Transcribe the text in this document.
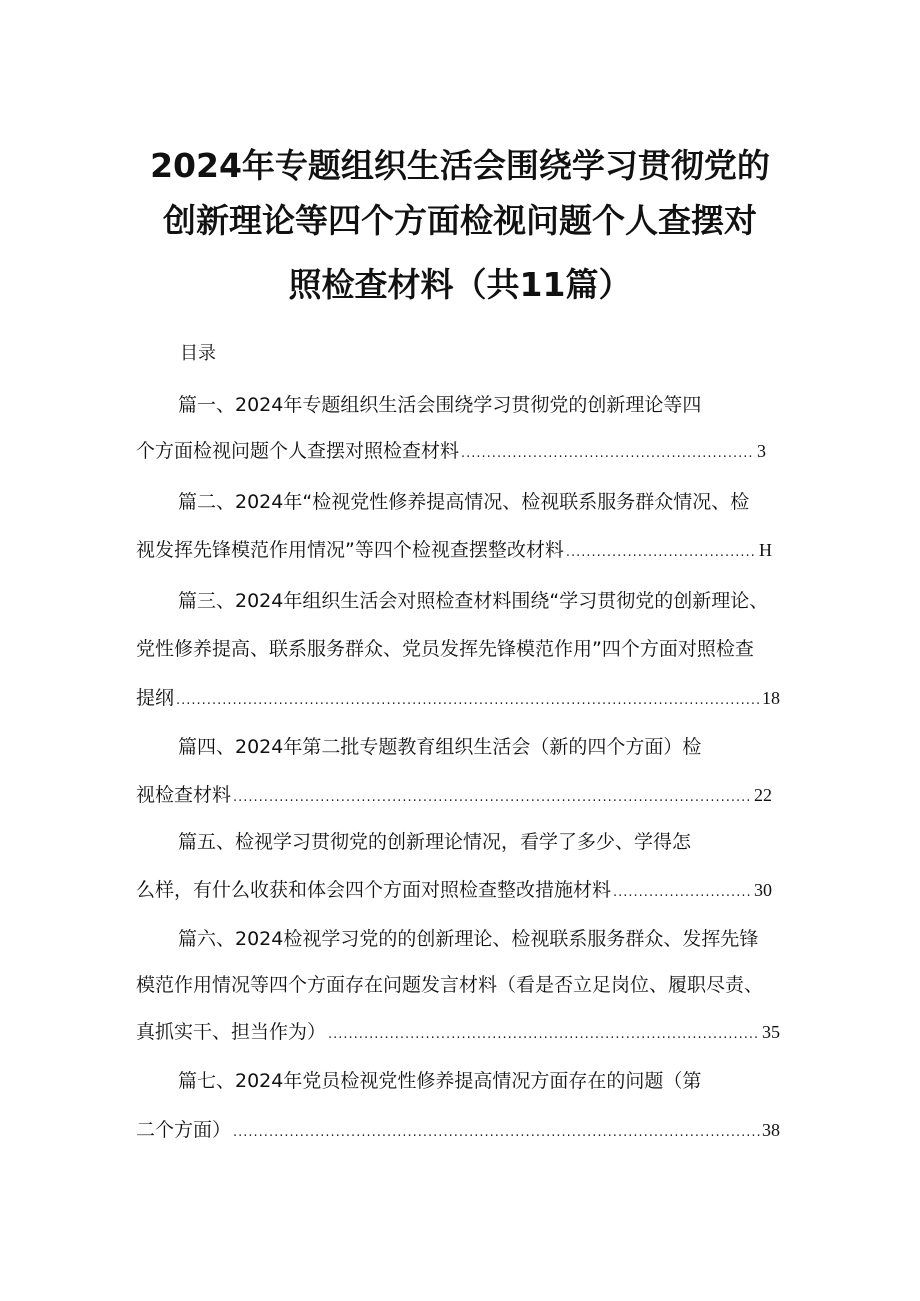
2024年专题组织生活会围绕学习贯彻党的
创新理论等四个方面检视问题个人查摆对
照检查材料（共11篇）
目录
篇一、2024年专题组织生活会围绕学习贯彻党的创新理论等四
个方面检视问题个人查摆对照检查材料 .....	3
篇二、2024年“检视党性修养提高情况、检视联系服务群众情况、检
视发挥先锋模范作用情况”等四个检视查摆整改材料 .....	H
篇三、2024年组织生活会对照检查材料围绕“学习贯彻党的创新理论、
党性修养提高、联系服务群众、党员发挥先锋模范作用”四个方面对照检查
提纲 .....	18
篇四、2024年第二批专题教育组织生活会（新的四个方面）检
视检查材料 .....	22
篇五、检视学习贯彻党的创新理论情况，看学了多少、学得怎
么样，有什么收获和体会四个方面对照检查整改措施材料 .....	30
篇六、2024检视学习党的的创新理论、检视联系服务群众、发挥先锋
模范作用情况等四个方面存在问题发言材料（看是否立足岗位、履职尽责、
真抓实干、担当作为） .....	35
篇七、2024年党员检视党性修养提高情况方面存在的问题（第
二个方面） .....	38
